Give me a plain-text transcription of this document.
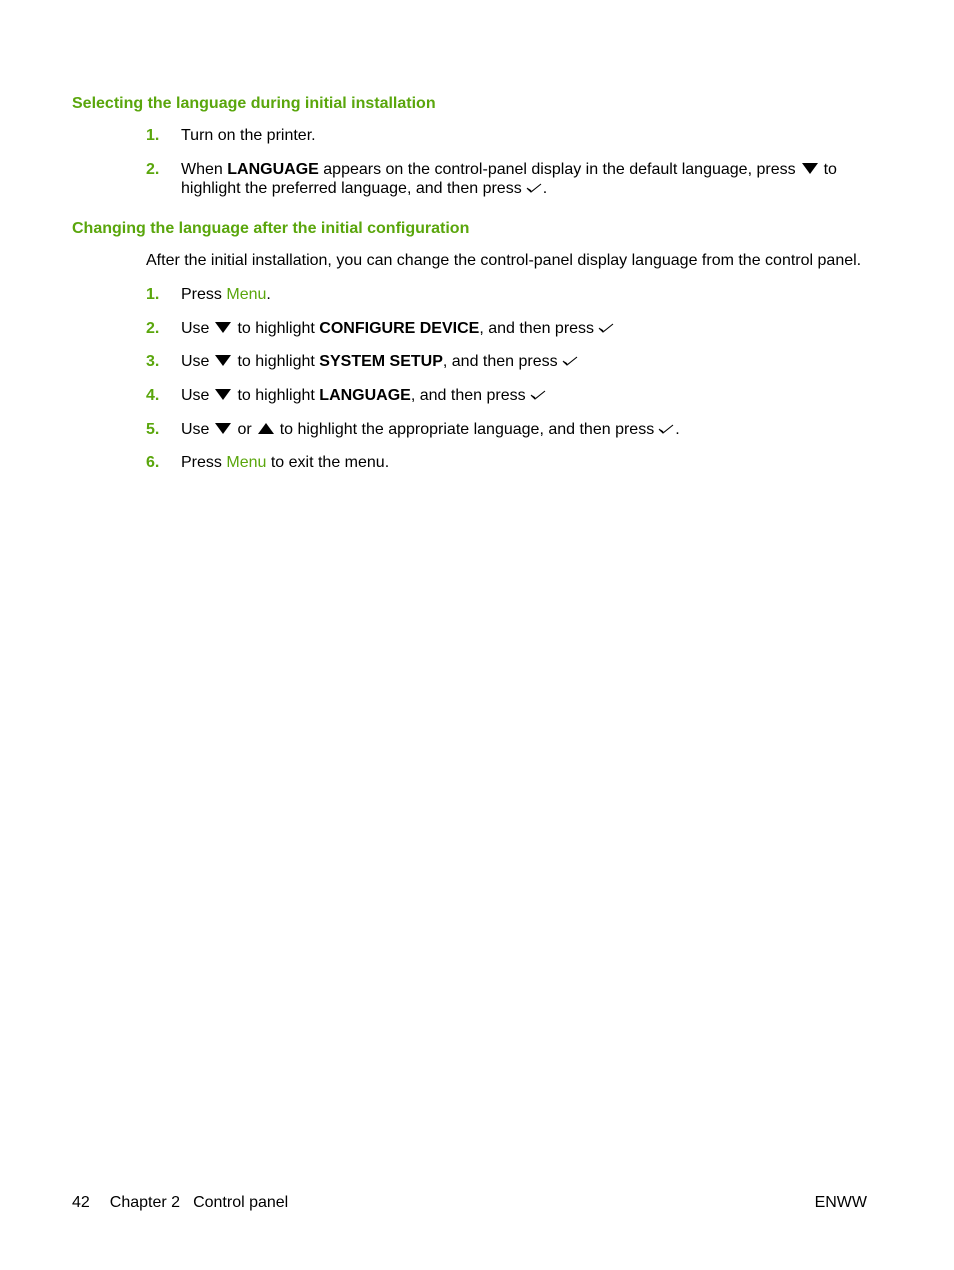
Selecting the language during initial installation
1. Turn on the printer.
2. When LANGUAGE appears on the control-panel display in the default language, press to
highlight the preferred language, and then press .
Changing the language after the initial configuration
After the initial installation, you can change the control-panel display language from the control panel.
1. Press Menu.
2. Use to highlight CONFIGURE DEVICE, and then press
3. Use to highlight SYSTEM SETUP, and then press
4. Use to highlight LANGUAGE, and then press
5. Use or to highlight the appropriate language, and then press .
6. Press Menu to exit the menu.
42 Chapter 2 Control panel	ENWW
